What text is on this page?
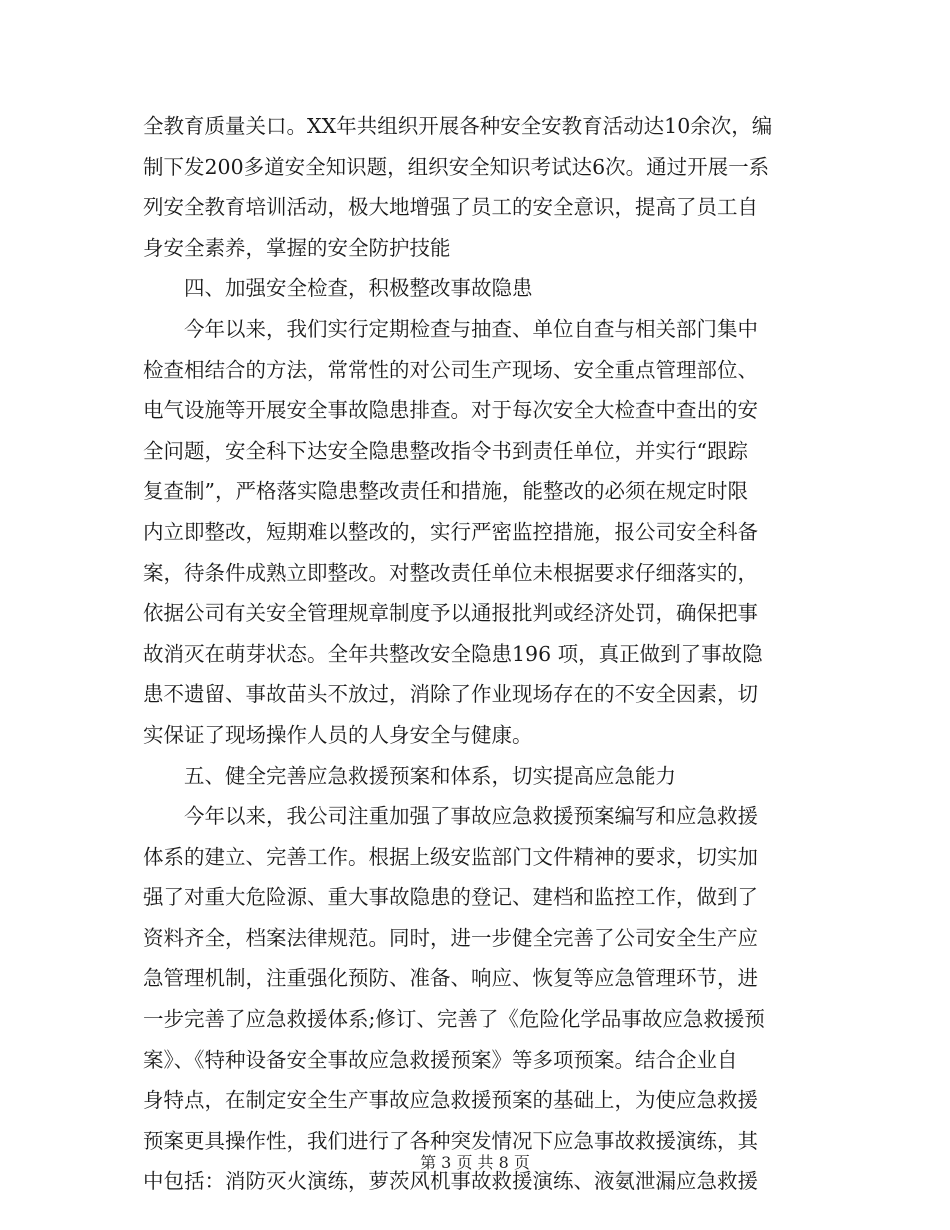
全教育质量关口。XX年共组织开展各种安全安教育活动达10余次，编
制下发200多道安全知识题，组织安全知识考试达6次。通过开展一系
列安全教育培训活动，极大地增强了员工的安全意识，提高了员工自
身安全素养，掌握的安全防护技能
四、加强安全检查，积极整改事故隐患
今年以来，我们实行定期检查与抽查、单位自查与相关部门集中
检查相结合的方法，常常性的对公司生产现场、安全重点管理部位、
电气设施等开展安全事故隐患排查。对于每次安全大检查中查出的安
全问题，安全科下达安全隐患整改指令书到责任单位，并实行“跟踪
复查制”，严格落实隐患整改责任和措施，能整改的必须在规定时限
内立即整改，短期难以整改的，实行严密监控措施，报公司安全科备
案，待条件成熟立即整改。对整改责任单位未根据要求仔细落实的，
依据公司有关安全管理规章制度予以通报批判或经济处罚，确保把事
故消灭在萌芽状态。全年共整改安全隐患196 项，真正做到了事故隐
患不遗留、事故苗头不放过，消除了作业现场存在的不安全因素，切
实保证了现场操作人员的人身安全与健康。
五、健全完善应急救援预案和体系，切实提高应急能力
今年以来，我公司注重加强了事故应急救援预案编写和应急救援
体系的建立、完善工作。根据上级安监部门文件精神的要求，切实加
强了对重大危险源、重大事故隐患的登记、建档和监控工作，做到了
资料齐全，档案法律规范。同时，进一步健全完善了公司安全生产应
急管理机制，注重强化预防、准备、响应、恢复等应急管理环节，进
一步完善了应急救援体系;修订、完善了《危险化学品事故应急救援预
案》、《特种设备安全事故应急救援预案》等多项预案。结合企业自
身特点，在制定安全生产事故应急救援预案的基础上，为使应急救援
预案更具操作性，我们进行了各种突发情况下应急事故救援演练，其
中包括：消防灭火演练，萝茨风机事故救援演练、液氨泄漏应急救援
第 3 页 共 8 页
